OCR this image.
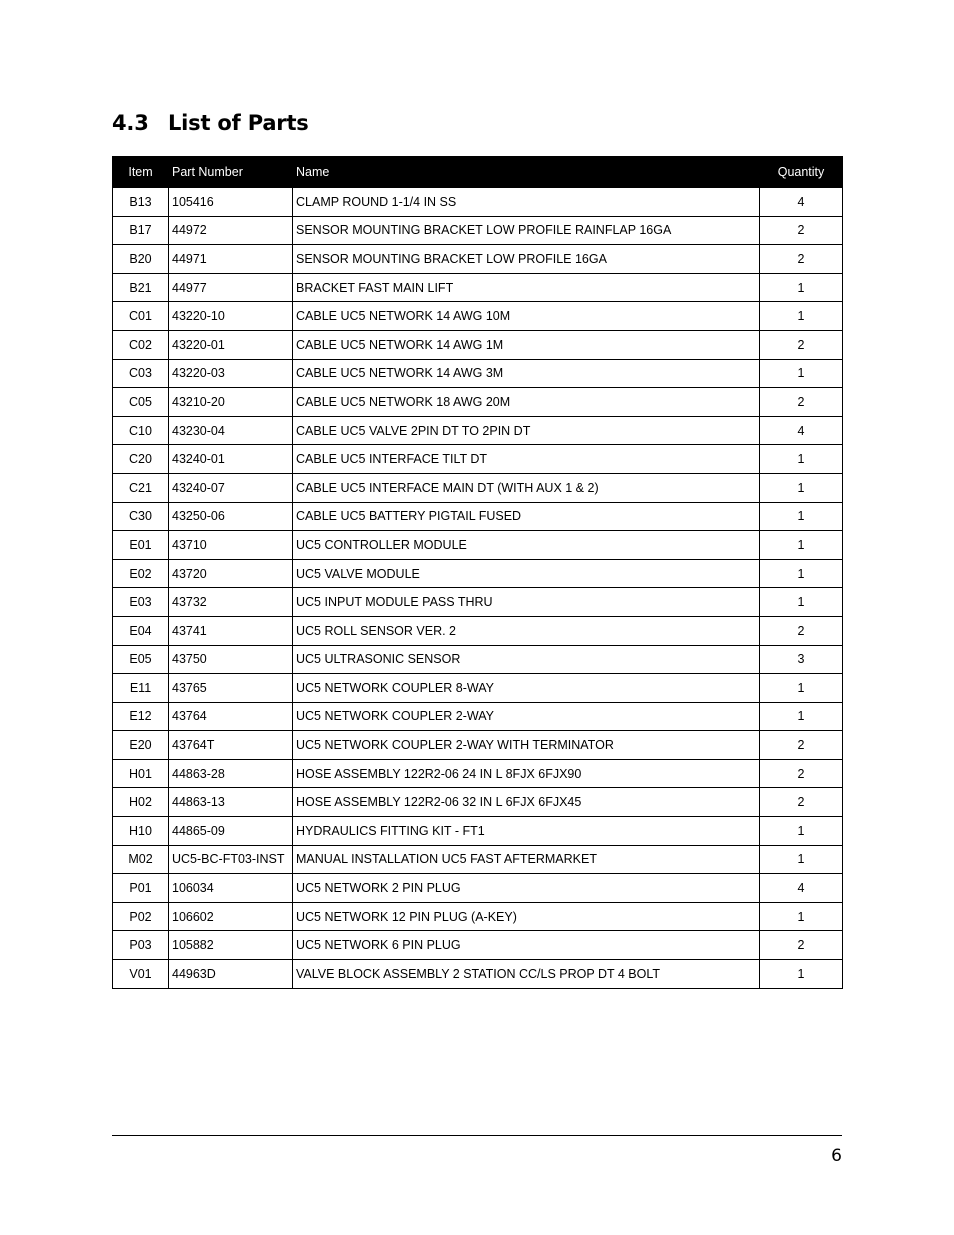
4.3 List of Parts
Item	Part Number	Name	Quantity
B13	105416	CLAMP ROUND 1-1/4 IN SS	4
B17	44972	SENSOR MOUNTING BRACKET LOW PROFILE RAINFLAP 16GA	2
B20	44971	SENSOR MOUNTING BRACKET LOW PROFILE 16GA	2
B21	44977	BRACKET FAST MAIN LIFT	1
C01	43220-10	CABLE UC5 NETWORK 14 AWG 10M	1
C02	43220-01	CABLE UC5 NETWORK 14 AWG 1M	2
C03	43220-03	CABLE UC5 NETWORK 14 AWG 3M	1
C05	43210-20	CABLE UC5 NETWORK 18 AWG 20M	2
C10	43230-04	CABLE UC5 VALVE 2PIN DT TO 2PIN DT	4
C20	43240-01	CABLE UC5 INTERFACE TILT DT	1
C21	43240-07	CABLE UC5 INTERFACE MAIN DT (WITH AUX 1 & 2)	1
C30	43250-06	CABLE UC5 BATTERY PIGTAIL FUSED	1
E01	43710	UC5 CONTROLLER MODULE	1
E02	43720	UC5 VALVE MODULE	1
E03	43732	UC5 INPUT MODULE PASS THRU	1
E04	43741	UC5 ROLL SENSOR VER. 2	2
E05	43750	UC5 ULTRASONIC SENSOR	3
E11	43765	UC5 NETWORK COUPLER 8-WAY	1
E12	43764	UC5 NETWORK COUPLER 2-WAY	1
E20	43764T	UC5 NETWORK COUPLER 2-WAY WITH TERMINATOR	2
H01	44863-28	HOSE ASSEMBLY 122R2-06 24 IN L 8FJX 6FJX90	2
H02	44863-13	HOSE ASSEMBLY 122R2-06 32 IN L 6FJX 6FJX45	2
H10	44865-09	HYDRAULICS FITTING KIT - FT1	1
M02	UC5-BC-FT03-INST	MANUAL INSTALLATION UC5 FAST AFTERMARKET	1
P01	106034	UC5 NETWORK 2 PIN PLUG	4
P02	106602	UC5 NETWORK 12 PIN PLUG (A-KEY)	1
P03	105882	UC5 NETWORK 6 PIN PLUG	2
V01	44963D	VALVE BLOCK ASSEMBLY 2 STATION CC/LS PROP DT 4 BOLT	1
6
